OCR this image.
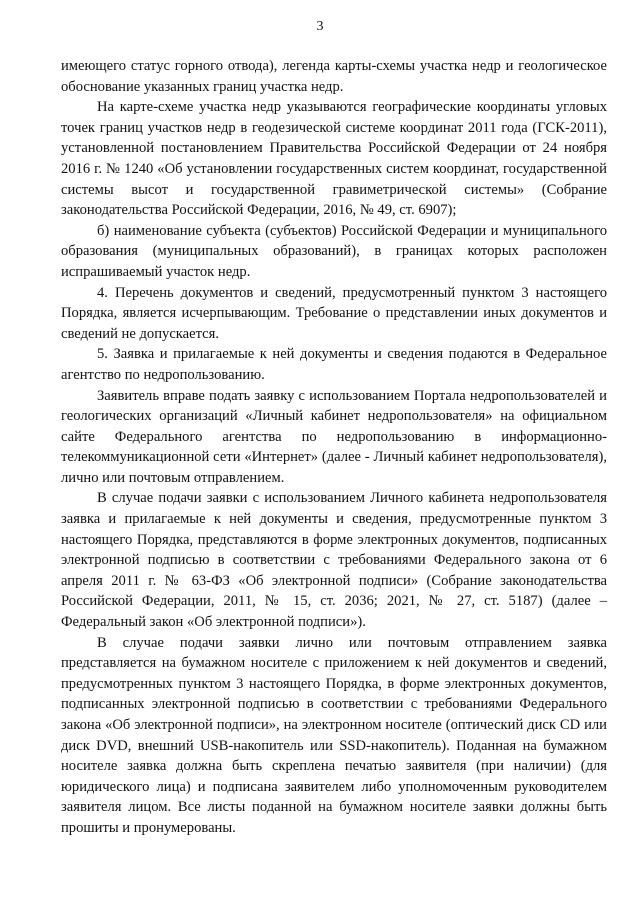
3

имеющего статус горного отвода), легенда карты-схемы участка недр и геологическое обоснование указанных границ участка недр.

На карте-схеме участка недр указываются географические координаты угловых точек границ участков недр в геодезической системе координат 2011 года (ГСК-2011), установленной постановлением Правительства Российской Федерации от 24 ноября 2016 г. № 1240 «Об установлении государственных систем координат, государственной системы высот и государственной гравиметрической системы» (Собрание законодательства Российской Федерации, 2016, № 49, ст. 6907);

б) наименование субъекта (субъектов) Российской Федерации и муниципального образования (муниципальных образований), в границах которых расположен испрашиваемый участок недр.

4. Перечень документов и сведений, предусмотренный пунктом 3 настоящего Порядка, является исчерпывающим. Требование о представлении иных документов и сведений не допускается.

5. Заявка и прилагаемые к ней документы и сведения подаются в Федеральное агентство по недропользованию.

Заявитель вправе подать заявку с использованием Портала недропользователей и геологических организаций «Личный кабинет недропользователя» на официальном сайте Федерального агентства по недропользованию в информационно-телекоммуникационной сети «Интернет» (далее - Личный кабинет недропользователя), лично или почтовым отправлением.

В случае подачи заявки с использованием Личного кабинета недропользователя заявка и прилагаемые к ней документы и сведения, предусмотренные пунктом 3 настоящего Порядка, представляются в форме электронных документов, подписанных электронной подписью в соответствии с требованиями Федерального закона от 6 апреля 2011 г. № 63-ФЗ «Об электронной подписи» (Собрание законодательства Российской Федерации, 2011, № 15, ст. 2036; 2021, № 27, ст. 5187) (далее – Федеральный закон «Об электронной подписи»).

В случае подачи заявки лично или почтовым отправлением заявка представляется на бумажном носителе с приложением к ней документов и сведений, предусмотренных пунктом 3 настоящего Порядка, в форме электронных документов, подписанных электронной подписью в соответствии с требованиями Федерального закона «Об электронной подписи», на электронном носителе (оптический диск CD или диск DVD, внешний USB-накопитель или SSD-накопитель). Поданная на бумажном носителе заявка должна быть скреплена печатью заявителя (при наличии) (для юридического лица) и подписана заявителем либо уполномоченным руководителем заявителя лицом. Все листы поданной на бумажном носителе заявки должны быть прошиты и пронумерованы.
